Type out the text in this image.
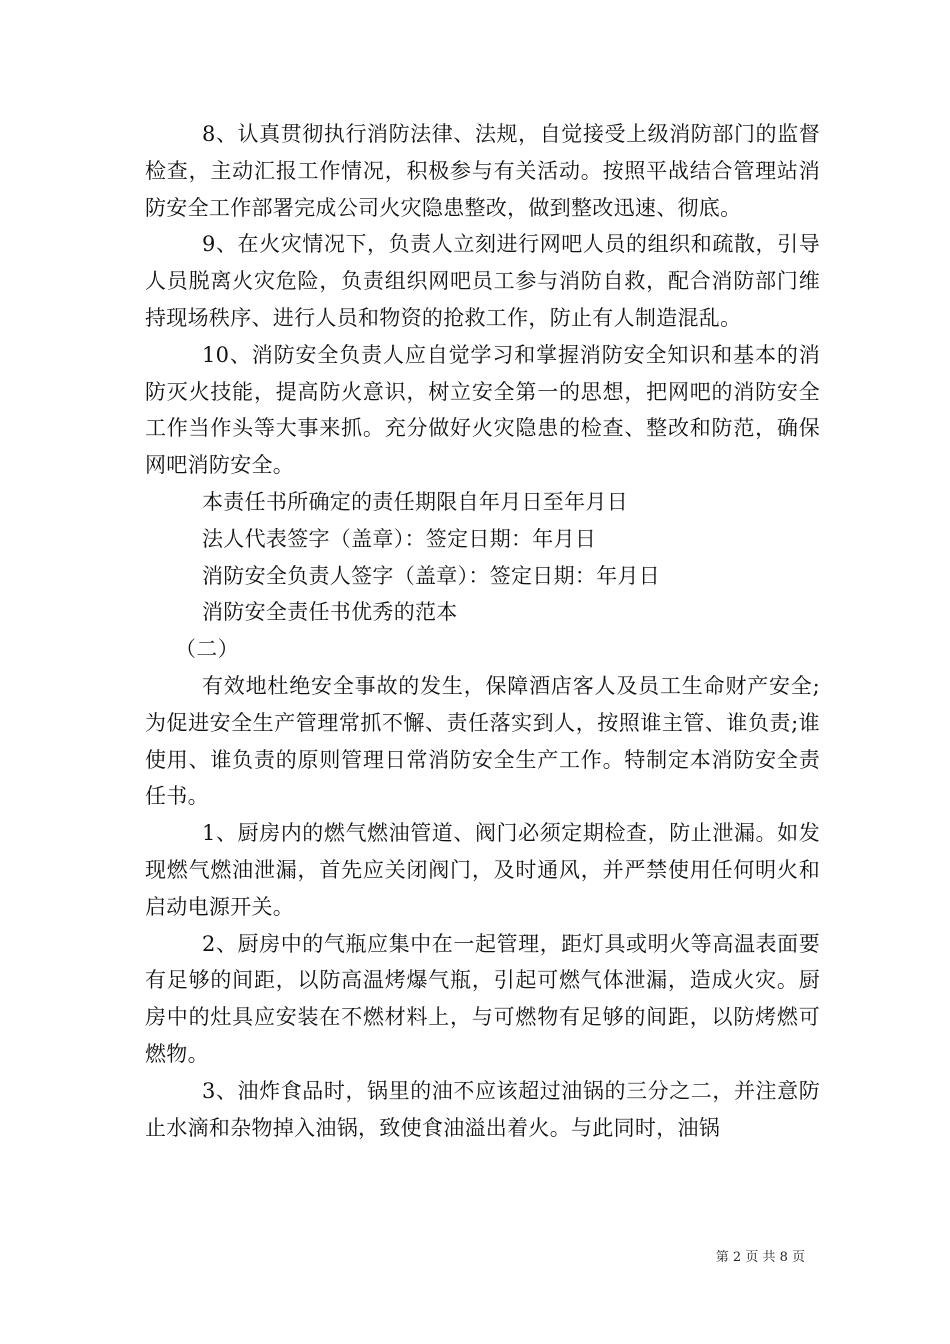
8、认真贯彻执行消防法律、法规，自觉接受上级消防部门的监督检查，主动汇报工作情况，积极参与有关活动。按照平战结合管理站消防安全工作部署完成公司火灾隐患整改，做到整改迅速、彻底。

9、在火灾情况下，负责人立刻进行网吧人员的组织和疏散，引导人员脱离火灾危险，负责组织网吧员工参与消防自救，配合消防部门维持现场秩序、进行人员和物资的抢救工作，防止有人制造混乱。

10、消防安全负责人应自觉学习和掌握消防安全知识和基本的消防灭火技能，提高防火意识，树立安全第一的思想，把网吧的消防安全工作当作头等大事来抓。充分做好火灾隐患的检查、整改和防范，确保网吧消防安全。

本责任书所确定的责任期限自年月日至年月日

法人代表签字（盖章）：签定日期：年月日

消防安全负责人签字（盖章）：签定日期：年月日

消防安全责任书优秀的范本

（二）

有效地杜绝安全事故的发生，保障酒店客人及员工生命财产安全;为促进安全生产管理常抓不懈、责任落实到人，按照谁主管、谁负责;谁使用、谁负责的原则管理日常消防安全生产工作。特制定本消防安全责任书。

1、厨房内的燃气燃油管道、阀门必须定期检查，防止泄漏。如发现燃气燃油泄漏，首先应关闭阀门，及时通风，并严禁使用任何明火和启动电源开关。

2、厨房中的气瓶应集中在一起管理，距灯具或明火等高温表面要有足够的间距，以防高温烤爆气瓶，引起可燃气体泄漏，造成火灾。厨房中的灶具应安装在不燃材料上，与可燃物有足够的间距，以防烤燃可燃物。

3、油炸食品时，锅里的油不应该超过油锅的三分之二，并注意防止水滴和杂物掉入油锅，致使食油溢出着火。与此同时，油锅

第 2 页 共 8 页
